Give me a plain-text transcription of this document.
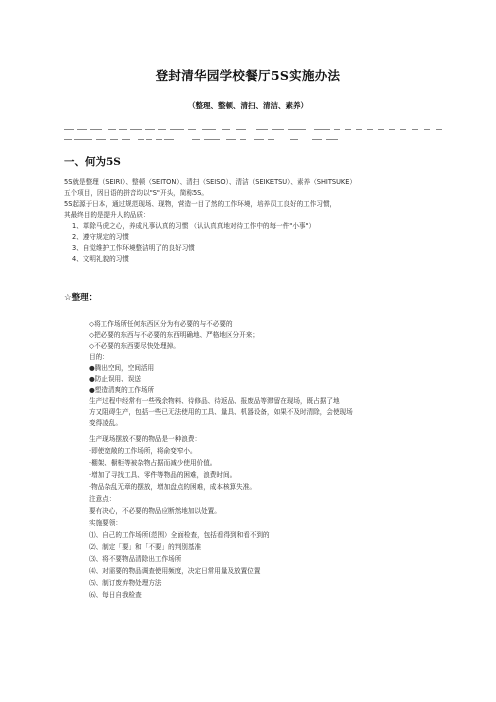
登封清华园学校餐厅5S实施办法
（整理、整顿、清扫、清洁、素养）
一、何为5S
5S就是整理（SEIRI）、整顿（SEITON）、清扫（SEISO）、清洁（SEIKETSU）、素养（SHITSUKE）
五个项目，因日语的拼音均以"S"开头，简称5S。
5S起源于日本，通过规范现场、现物，营造一目了然的工作环境，培养员工良好的工作习惯，
其最终目的是提升人的品质：
1、革除马虎之心，养成凡事认真的习惯 （认认真真地对待工作中的每一件"小事"）
2、遵守规定的习惯
3、自觉维护工作环境整洁明了的良好习惯
4、文明礼貌的习惯
☆整理：
◇将工作场所任何东西区分为有必要的与不必要的
◇把必要的东西与不必要的东西明确地、严格地区分开来；
◇不必要的东西要尽快处理掉。
目的：
●腾出空间，空间活用
●防止误用、误送
●塑造清爽的工作场所
生产过程中经常有一些残余物料、待修品、待返品、报废品等滞留在现场，既占据了地
方又阻碍生产，包括一些已无法使用的工具、量具、机器设备，如果不及时清除，会使现场
变得凌乱。
生产现场摆放不要的物品是一种浪费：
·即使宽敞的工作场所，将俞变窄小。
·棚架、橱柜等被杂物占据而减少使用价值。
·增加了寻找工具、零件等物品的困难，浪费时间。
·物品杂乱无章的摆放，增加盘点的困难，成本核算失准。
注意点：
要有决心，不必要的物品应断然地加以处置。
实施要领：
⑴、自己的工作场所(范围）全面检查，包括看得到和看不到的
⑵、制定「要」和「不要」的判别基准
⑶、将不要物品清除出工作场所
⑷、对需要的物品调查使用频度，决定日常用量及放置位置
⑸、制订废弃物处理方法
⑹、每日自我检查
